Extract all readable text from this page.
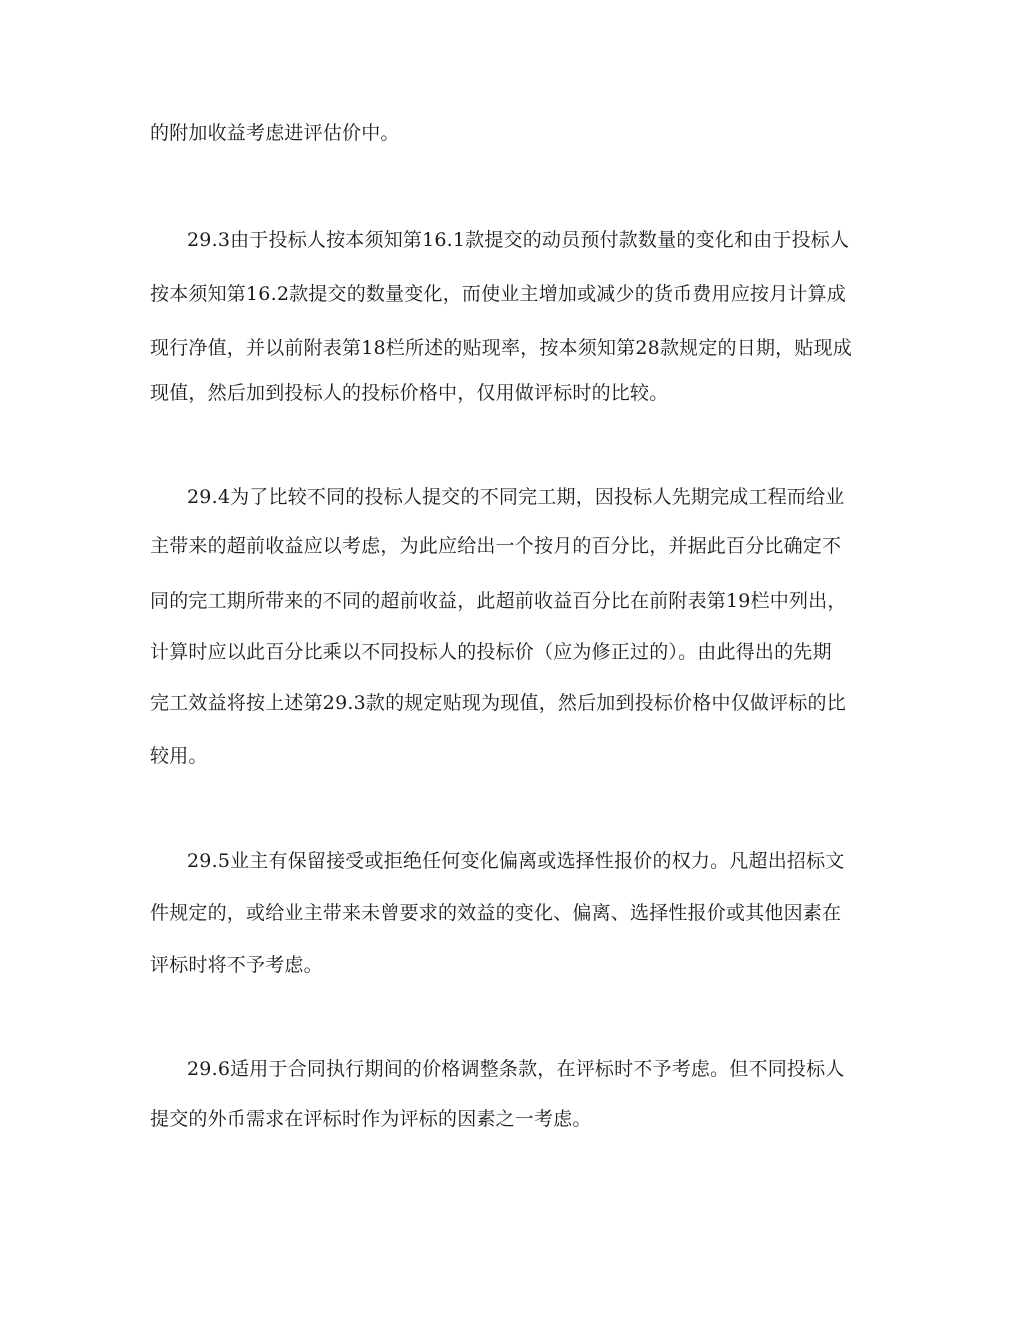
的附加收益考虑进评估价中。
29.3由于投标人按本须知第16.1款提交的动员预付款数量的变化和由于投标人
按本须知第16.2款提交的数量变化，而使业主增加或减少的货币费用应按月计算成
现行净值，并以前附表第18栏所述的贴现率，按本须知第28款规定的日期，贴现成
现值，然后加到投标人的投标价格中，仅用做评标时的比较。
29.4为了比较不同的投标人提交的不同完工期，因投标人先期完成工程而给业
主带来的超前收益应以考虑，为此应给出一个按月的百分比，并据此百分比确定不
同的完工期所带来的不同的超前收益，此超前收益百分比在前附表第19栏中列出，
计算时应以此百分比乘以不同投标人的投标价（应为修正过的）。由此得出的先期
完工效益将按上述第29.3款的规定贴现为现值，然后加到投标价格中仅做评标的比
较用。
29.5业主有保留接受或拒绝任何变化偏离或选择性报价的权力。凡超出招标文
件规定的，或给业主带来未曾要求的效益的变化、偏离、选择性报价或其他因素在
评标时将不予考虑。
29.6适用于合同执行期间的价格调整条款，在评标时不予考虑。但不同投标人
提交的外币需求在评标时作为评标的因素之一考虑。
